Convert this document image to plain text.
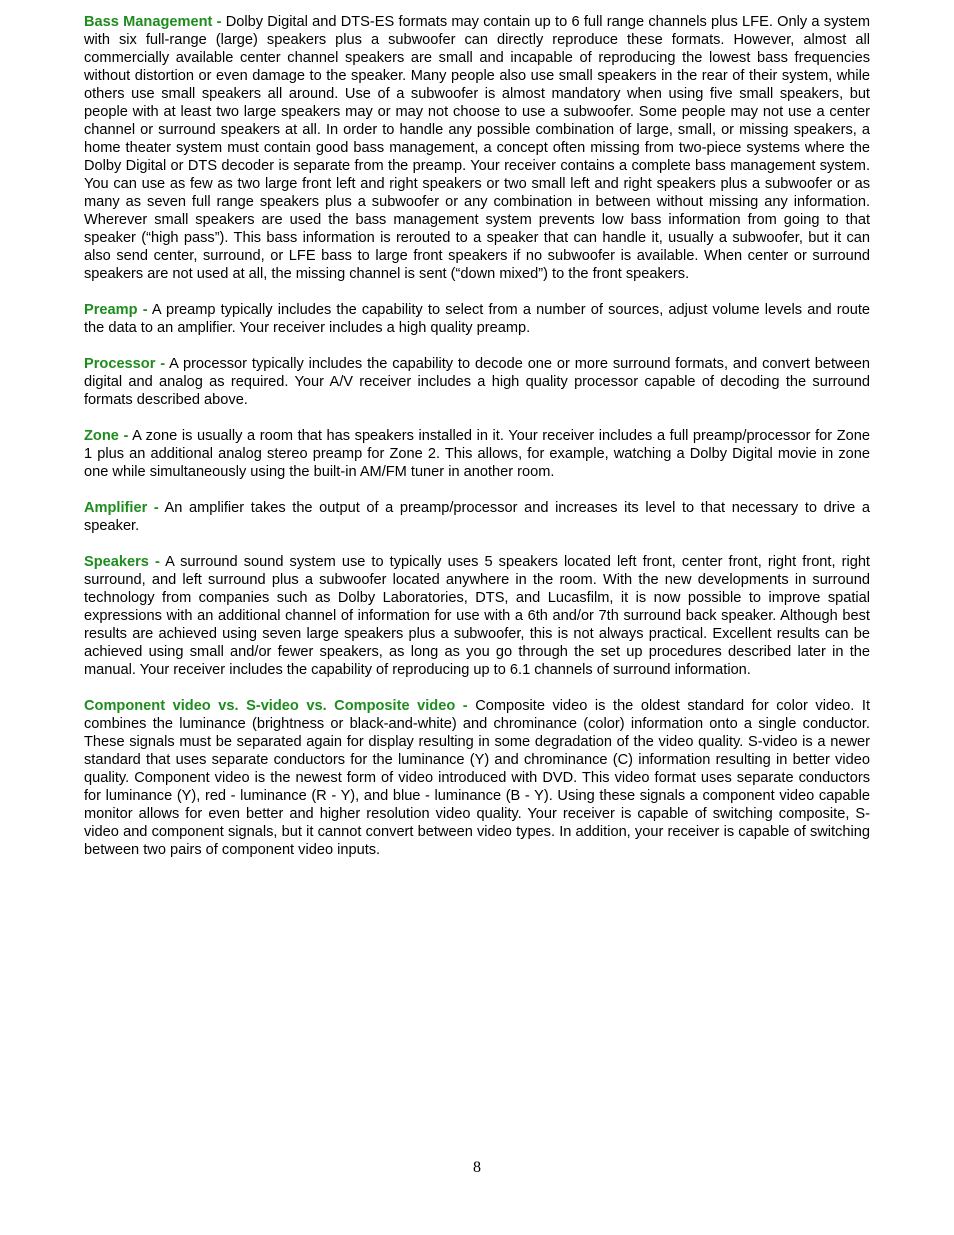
Bass Management - Dolby Digital and DTS-ES formats may contain up to 6 full range channels plus LFE. Only a system with six full-range (large) speakers plus a subwoofer can directly reproduce these formats. However, almost all commercially available center channel speakers are small and incapable of reproducing the lowest bass frequencies without distortion or even damage to the speaker. Many people also use small speakers in the rear of their system, while others use small speakers all around. Use of a subwoofer is almost mandatory when using five small speakers, but people with at least two large speakers may or may not choose to use a subwoofer. Some people may not use a center channel or surround speakers at all. In order to handle any possible combination of large, small, or missing speakers, a home theater system must contain good bass management, a concept often missing from two-piece systems where the Dolby Digital or DTS decoder is separate from the preamp. Your receiver contains a complete bass management system. You can use as few as two large front left and right speakers or two small left and right speakers plus a subwoofer or as many as seven full range speakers plus a subwoofer or any combination in between without missing any information. Wherever small speakers are used the bass management system prevents low bass information from going to that speaker (“high pass”). This bass information is rerouted to a speaker that can handle it, usually a subwoofer, but it can also send center, surround, or LFE bass to large front speakers if no subwoofer is available. When center or surround speakers are not used at all, the missing channel is sent (“down mixed”) to the front speakers.

Preamp - A preamp typically includes the capability to select from a number of sources, adjust volume levels and route the data to an amplifier. Your receiver includes a high quality preamp.

Processor - A processor typically includes the capability to decode one or more surround formats, and convert between digital and analog as required. Your A/V receiver includes a high quality processor capable of decoding the surround formats described above.

Zone - A zone is usually a room that has speakers installed in it. Your receiver includes a full preamp/processor for Zone 1 plus an additional analog stereo preamp for Zone 2. This allows, for example, watching a Dolby Digital movie in zone one while simultaneously using the built-in AM/FM tuner in another room.

Amplifier - An amplifier takes the output of a preamp/processor and increases its level to that necessary to drive a speaker.

Speakers - A surround sound system use to typically uses 5 speakers located left front, center front, right front, right surround, and left surround plus a subwoofer located anywhere in the room. With the new developments in surround technology from companies such as Dolby Laboratories, DTS, and Lucasfilm, it is now possible to improve spatial expressions with an additional channel of information for use with a 6th and/or 7th surround back speaker. Although best results are achieved using seven large speakers plus a subwoofer, this is not always practical. Excellent results can be achieved using small and/or fewer speakers, as long as you go through the set up procedures described later in the manual. Your receiver includes the capability of reproducing up to 6.1 channels of surround information.

Component video vs. S-video vs. Composite video - Composite video is the oldest standard for color video. It combines the luminance (brightness or black-and-white) and chrominance (color) information onto a single conductor. These signals must be separated again for display resulting in some degradation of the video quality. S-video is a newer standard that uses separate conductors for the luminance (Y) and chrominance (C) information resulting in better video quality. Component video is the newest form of video introduced with DVD. This video format uses separate conductors for luminance (Y), red - luminance (R - Y), and blue - luminance (B - Y). Using these signals a component video capable monitor allows for even better and higher resolution video quality. Your receiver is capable of switching composite, S-video and component signals, but it cannot convert between video types. In addition, your receiver is capable of switching between two pairs of component video inputs.

8
